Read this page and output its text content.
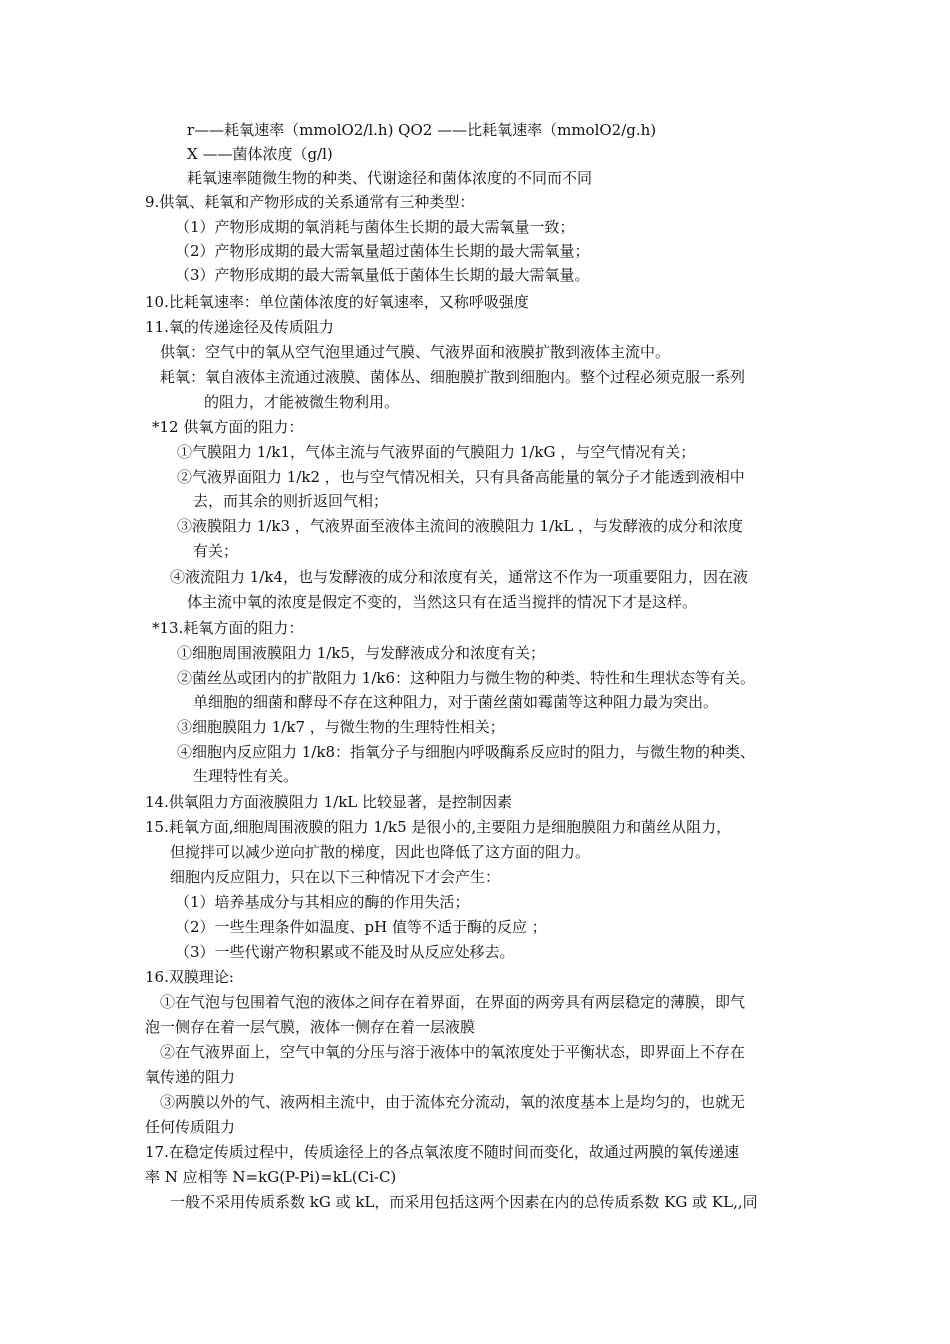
r——耗氧速率（mmolO2/l.h) QO2 ——比耗氧速率（mmolO2/g.h)
X ——菌体浓度（g/l)
耗氧速率随微生物的种类、代谢途径和菌体浓度的不同而不同
9.供氧、耗氧和产物形成的关系通常有三种类型：
（1）产物形成期的氧消耗与菌体生长期的最大需氧量一致；
（2）产物形成期的最大需氧量超过菌体生长期的最大需氧量；
（3）产物形成期的最大需氧量低于菌体生长期的最大需氧量。
10.比耗氧速率：单位菌体浓度的好氧速率，又称呼吸强度
11.氧的传递途径及传质阻力
供氧：空气中的氧从空气泡里通过气膜、气液界面和液膜扩散到液体主流中。
耗氧：氧自液体主流通过液膜、菌体丛、细胞膜扩散到细胞内。整个过程必须克服一系列
的阻力，才能被微生物利用。
*12 供氧方面的阻力：
①气膜阻力 1/k1，气体主流与气液界面的气膜阻力 1/kG ，与空气情况有关；
②气液界面阻力 1/k2 ，也与空气情况相关，只有具备高能量的氧分子才能透到液相中
去，而其余的则折返回气相；
③液膜阻力 1/k3 ，气液界面至液体主流间的液膜阻力 1/kL ，与发酵液的成分和浓度
有关；
④液流阻力 1/k4，也与发酵液的成分和浓度有关，通常这不作为一项重要阻力，因在液
体主流中氧的浓度是假定不变的，当然这只有在适当搅拌的情况下才是这样。
*13.耗氧方面的阻力：
①细胞周围液膜阻力 1/k5，与发酵液成分和浓度有关；
②菌丝丛或团内的扩散阻力 1/k6：这种阻力与微生物的种类、特性和生理状态等有关。
单细胞的细菌和酵母不存在这种阻力，对于菌丝菌如霉菌等这种阻力最为突出。
③细胞膜阻力 1/k7 ，与微生物的生理特性相关；
④细胞内反应阻力 1/k8：指氧分子与细胞内呼吸酶系反应时的阻力，与微生物的种类、
生理特性有关。
14.供氧阻力方面液膜阻力 1/kL 比较显著，是控制因素
15.耗氧方面,细胞周围液膜的阻力 1/k5 是很小的,主要阻力是细胞膜阻力和菌丝从阻力，
但搅拌可以减少逆向扩散的梯度，因此也降低了这方面的阻力。
细胞内反应阻力，只在以下三种情况下才会产生：
（1）培养基成分与其相应的酶的作用失活；
（2）一些生理条件如温度、pH 值等不适于酶的反应 ；
（3）一些代谢产物积累或不能及时从反应处移去。
16.双膜理论:
①在气泡与包围着气泡的液体之间存在着界面，在界面的两旁具有两层稳定的薄膜，即气
泡一侧存在着一层气膜，液体一侧存在着一层液膜
②在气液界面上，空气中氧的分压与溶于液体中的氧浓度处于平衡状态，即界面上不存在
氧传递的阻力
③两膜以外的气、液两相主流中，由于流体充分流动，氧的浓度基本上是均匀的，也就无
任何传质阻力
17.在稳定传质过程中，传质途径上的各点氧浓度不随时间而变化，故通过两膜的氧传递速
率 N 应相等 N=kG(P-Pi)=kL(Ci-C)
一般不采用传质系数 kG 或 kL，而采用包括这两个因素在内的总传质系数 KG 或 KL,,同
